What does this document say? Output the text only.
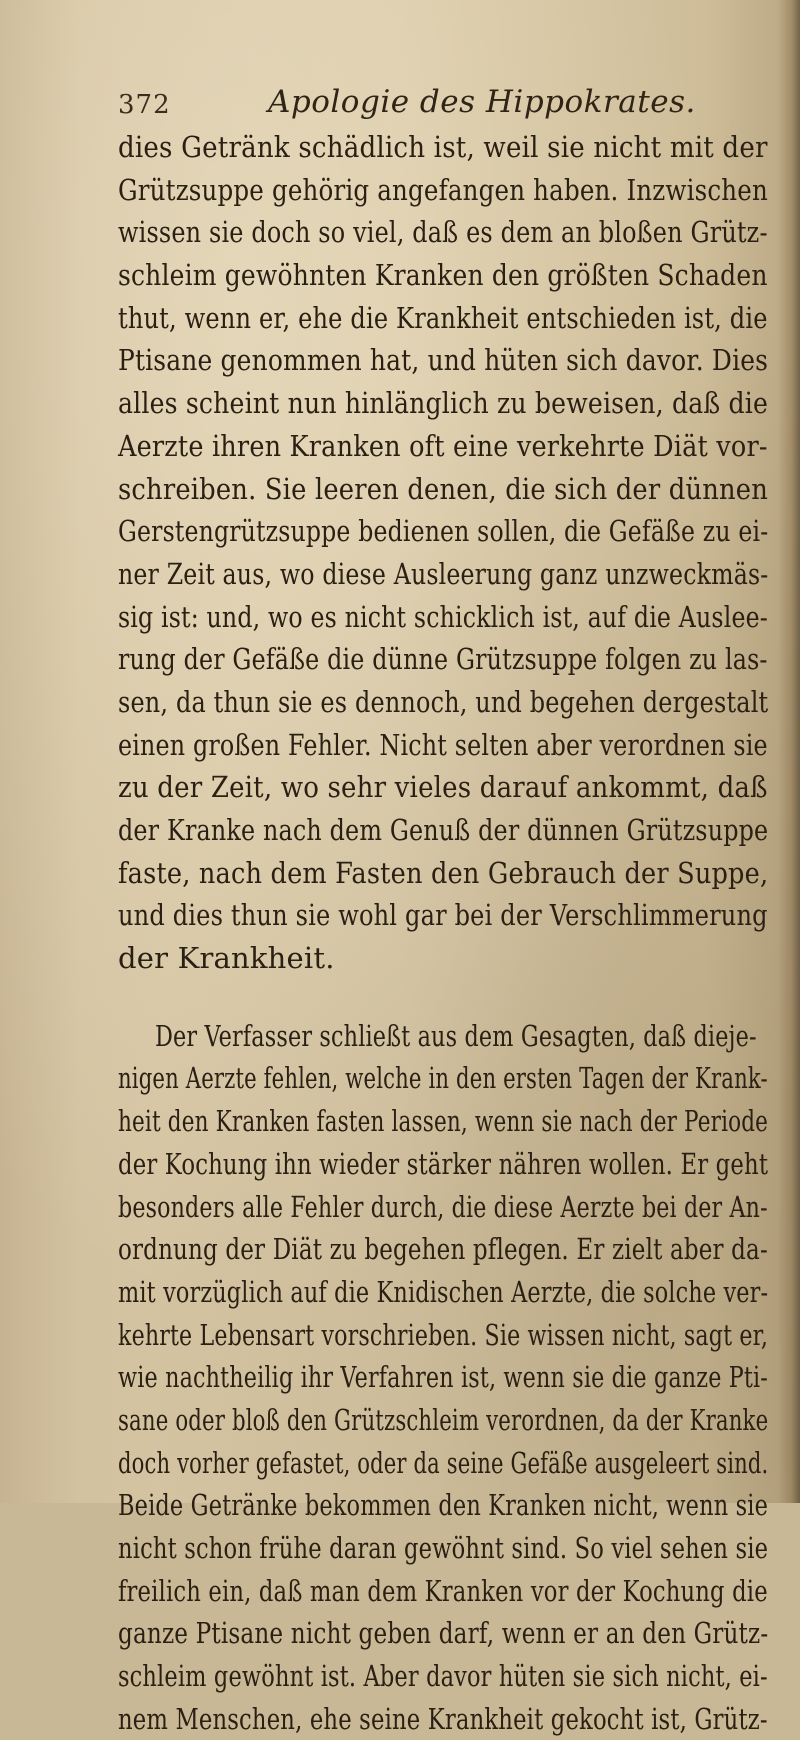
372	Apologie des Hippokrates.
dies Getränk schädlich ist, weil sie nicht mit der
Grützsuppe gehörig angefangen haben. Inzwischen
wissen sie doch so viel, daß es dem an bloßen Grütz-
schleim gewöhnten Kranken den größten Schaden
thut, wenn er, ehe die Krankheit entschieden ist, die
Ptisane genommen hat, und hüten sich davor. Dies
alles scheint nun hinlänglich zu beweisen, daß die
Aerzte ihren Kranken oft eine verkehrte Diät vor-
schreiben. Sie leeren denen, die sich der dünnen
Gerstengrützsuppe bedienen sollen, die Gefäße zu ei-
ner Zeit aus, wo diese Ausleerung ganz unzweckmäs-
sig ist: und, wo es nicht schicklich ist, auf die Auslee-
rung der Gefäße die dünne Grützsuppe folgen zu las-
sen, da thun sie es dennoch, und begehen dergestalt
einen großen Fehler. Nicht selten aber verordnen sie
zu der Zeit, wo sehr vieles darauf ankommt, daß
der Kranke nach dem Genuß der dünnen Grützsuppe
faste, nach dem Fasten den Gebrauch der Suppe,
und dies thun sie wohl gar bei der Verschlimmerung
der Krankheit.
Der Verfasser schließt aus dem Gesagten, daß dieje-
nigen Aerzte fehlen, welche in den ersten Tagen der Krank-
heit den Kranken fasten lassen, wenn sie nach der Periode
der Kochung ihn wieder stärker nähren wollen. Er geht
besonders alle Fehler durch, die diese Aerzte bei der An-
ordnung der Diät zu begehen pflegen. Er zielt aber da-
mit vorzüglich auf die Knidischen Aerzte, die solche ver-
kehrte Lebensart vorschrieben. Sie wissen nicht, sagt er,
wie nachtheilig ihr Verfahren ist, wenn sie die ganze Pti-
sane oder bloß den Grützschleim verordnen, da der Kranke
doch vorher gefastet, oder da seine Gefäße ausgeleert sind.
Beide Getränke bekommen den Kranken nicht, wenn sie
nicht schon frühe daran gewöhnt sind. So viel sehen sie
freilich ein, daß man dem Kranken vor der Kochung die
ganze Ptisane nicht geben darf, wenn er an den Grütz-
schleim gewöhnt ist. Aber davor hüten sie sich nicht, ei-
nem Menschen, ehe seine Krankheit gekocht ist, Grütz-
